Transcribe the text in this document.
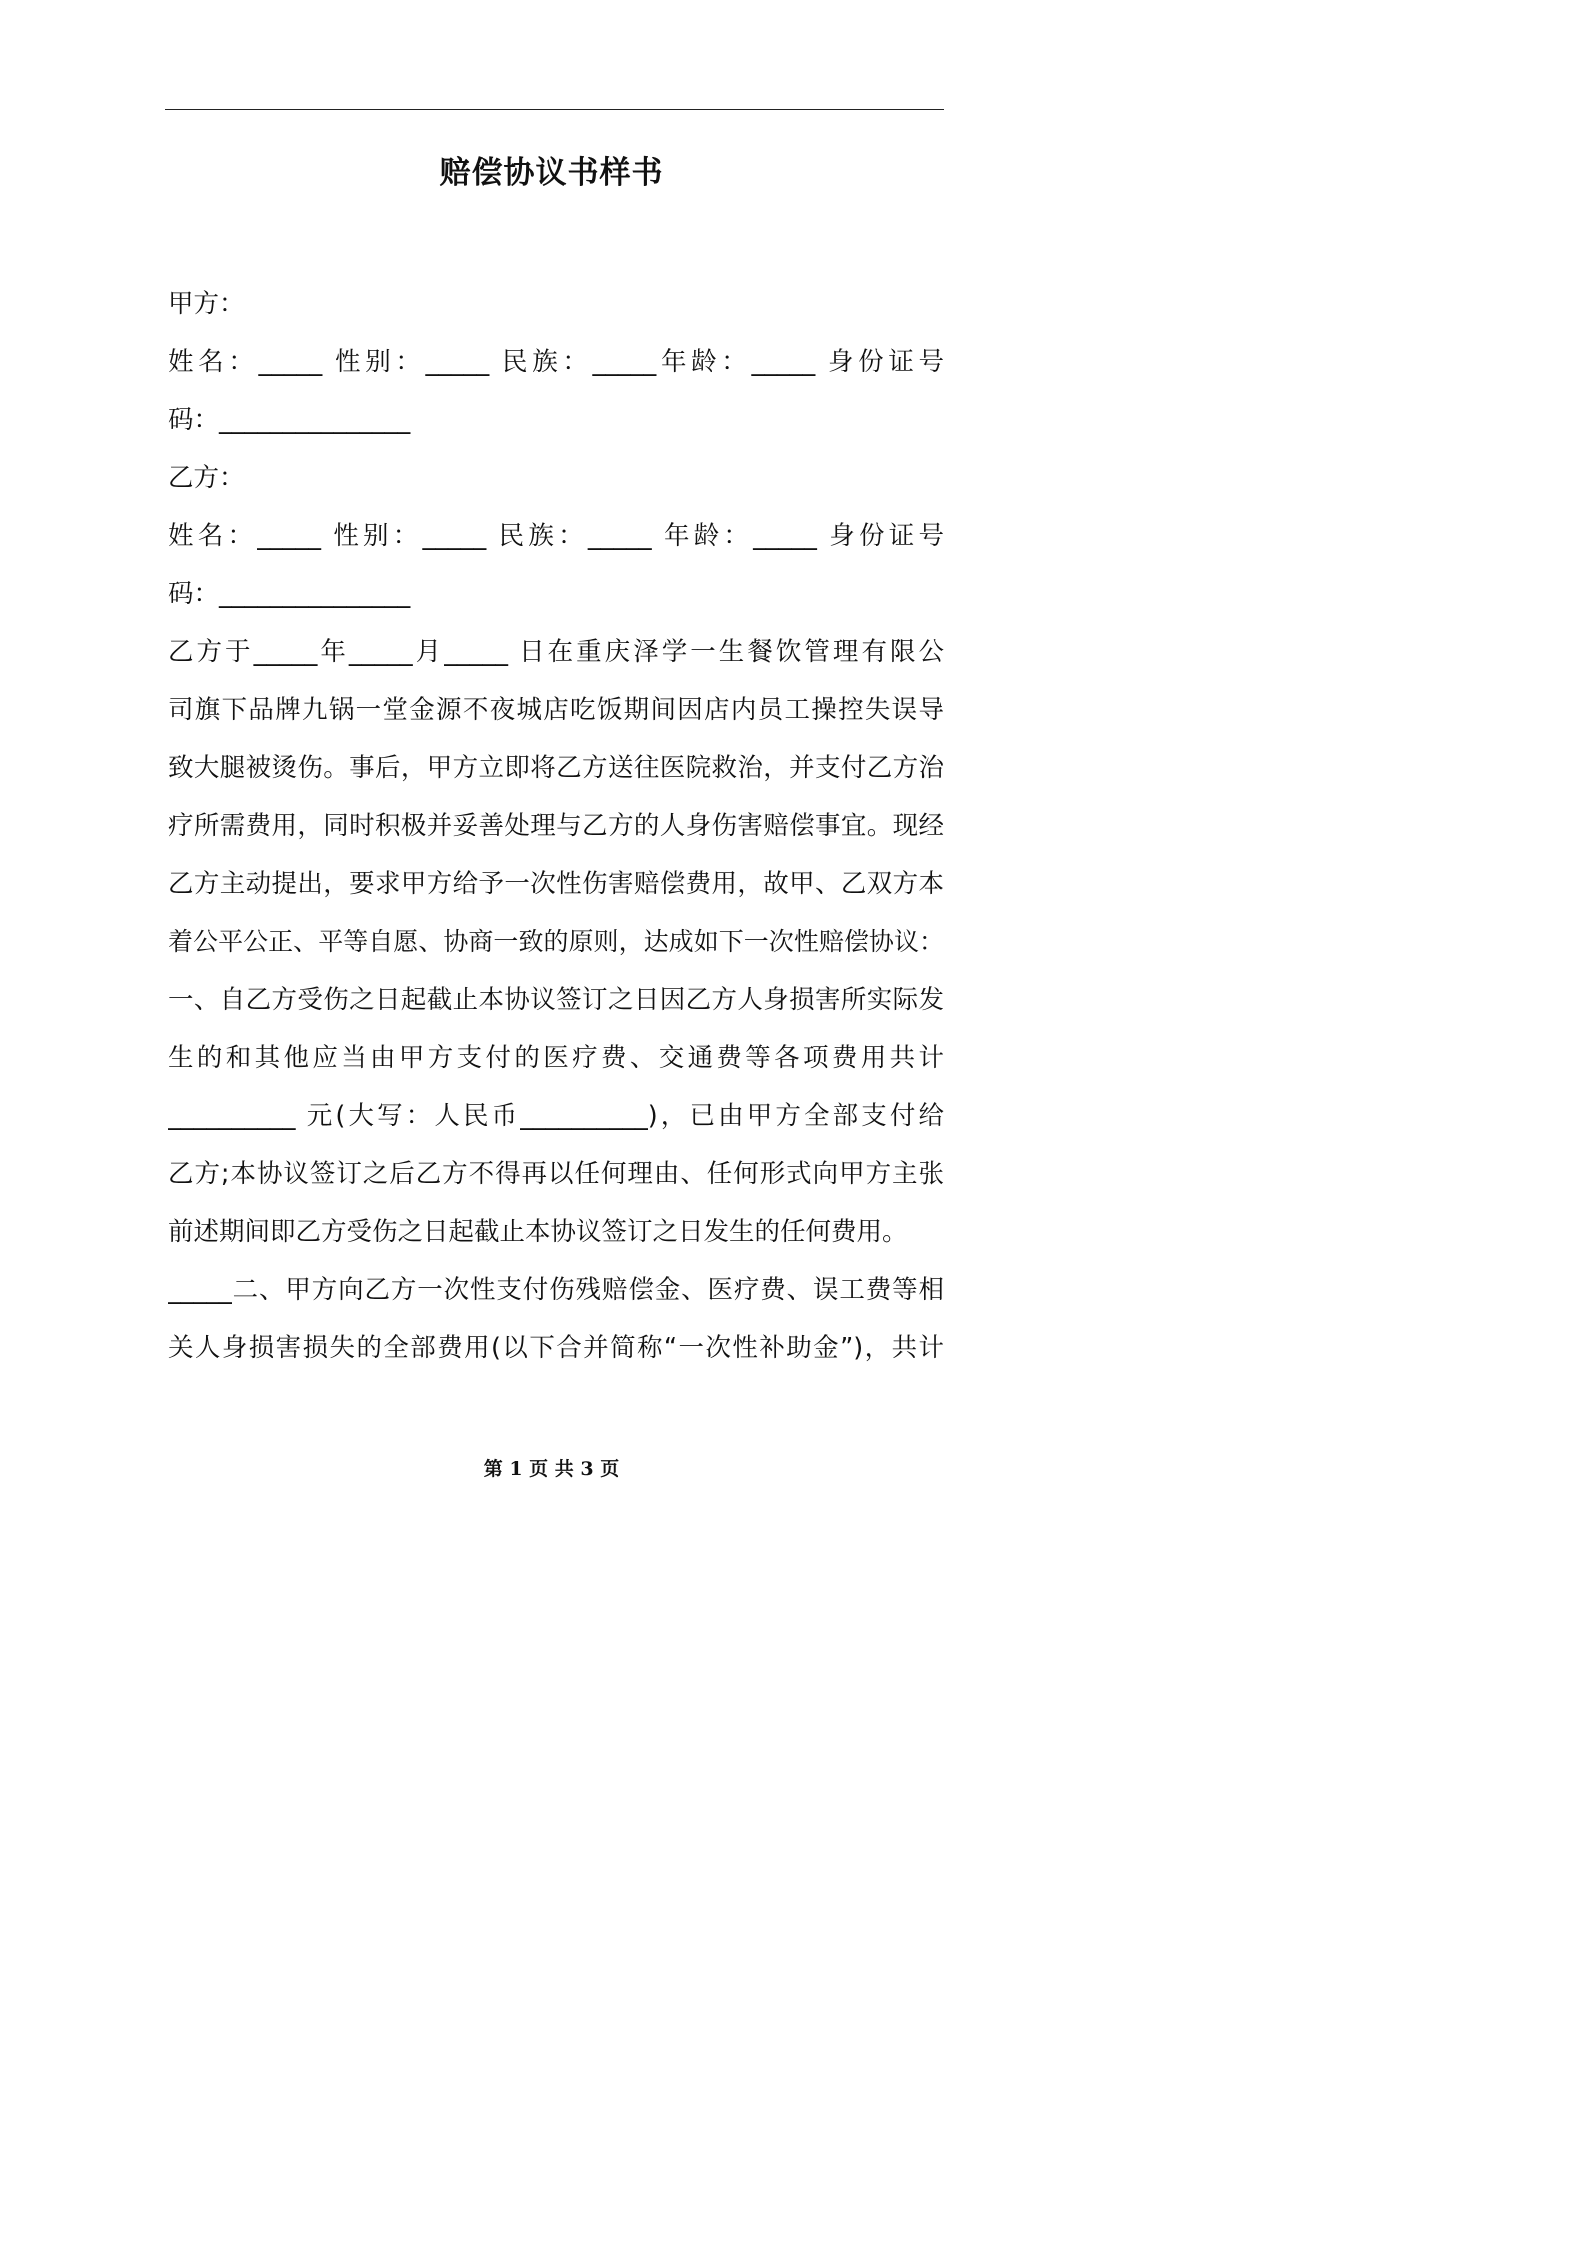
赔偿协议书样书
甲方：
姓名：_____ 性别：_____ 民族：_____年龄：_____ 身份证号
码：_______________
乙方：
姓名：_____ 性别：_____ 民族：_____ 年龄：_____ 身份证号
码：_______________
乙方于_____年_____月_____ 日在重庆泽学一生餐饮管理有限公
司旗下品牌九锅一堂金源不夜城店吃饭期间因店内员工操控失误导
致大腿被烫伤。事后，甲方立即将乙方送往医院救治，并支付乙方治
疗所需费用，同时积极并妥善处理与乙方的人身伤害赔偿事宜。现经
乙方主动提出，要求甲方给予一次性伤害赔偿费用，故甲、乙双方本
着公平公正、平等自愿、协商一致的原则，达成如下一次性赔偿协议：
一、自乙方受伤之日起截止本协议签订之日因乙方人身损害所实际发
生的和其他应当由甲方支付的医疗费、交通费等各项费用共计
__________ 元(大写：人民币__________)，已由甲方全部支付给
乙方;本协议签订之后乙方不得再以任何理由、任何形式向甲方主张
前述期间即乙方受伤之日起截止本协议签订之日发生的任何费用。
_____二、甲方向乙方一次性支付伤残赔偿金、医疗费、误工费等相
关人身损害损失的全部费用(以下合并简称“一次性补助金”)，共计
第 1 页 共 3 页
